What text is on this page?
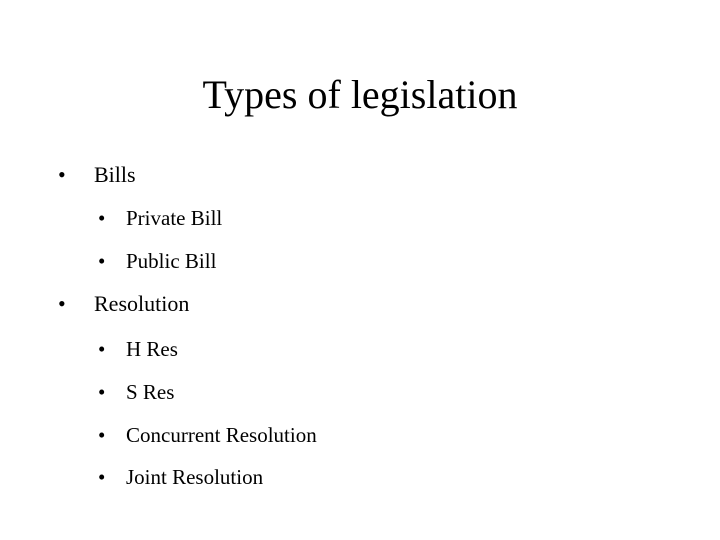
Types of legislation
• Bills
• Private Bill
• Public Bill
• Resolution
• H Res
• S Res
• Concurrent Resolution
• Joint Resolution
